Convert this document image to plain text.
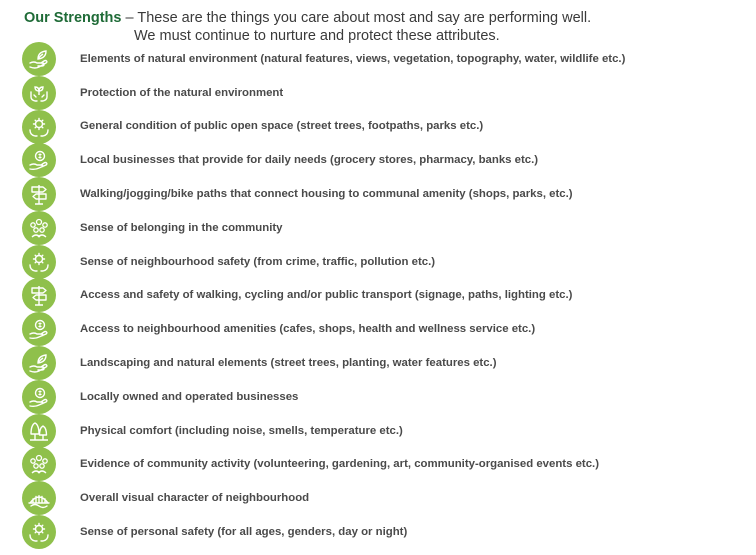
Our Strengths – These are the things you care about most and say are performing well.
We must continue to nurture and protect these attributes.
Elements of natural environment (natural features, views, vegetation, topography, water, wildlife etc.)
Protection of the natural environment
General condition of public open space (street trees, footpaths, parks etc.)
Local businesses that provide for daily needs (grocery stores, pharmacy, banks etc.)
Walking/jogging/bike paths that connect housing to communal amenity (shops, parks, etc.)
Sense of belonging in the community
Sense of neighbourhood safety (from crime, traffic, pollution etc.)
Access and safety of walking, cycling and/or public transport (signage, paths, lighting etc.)
Access to neighbourhood amenities (cafes, shops, health and wellness service etc.)
Landscaping and natural elements (street trees, planting, water features etc.)
Locally owned and operated businesses
Physical comfort (including noise, smells, temperature etc.)
Evidence of community activity (volunteering, gardening, art, community-organised events etc.)
Overall visual character of neighbourhood
Sense of personal safety (for all ages, genders, day or night)
